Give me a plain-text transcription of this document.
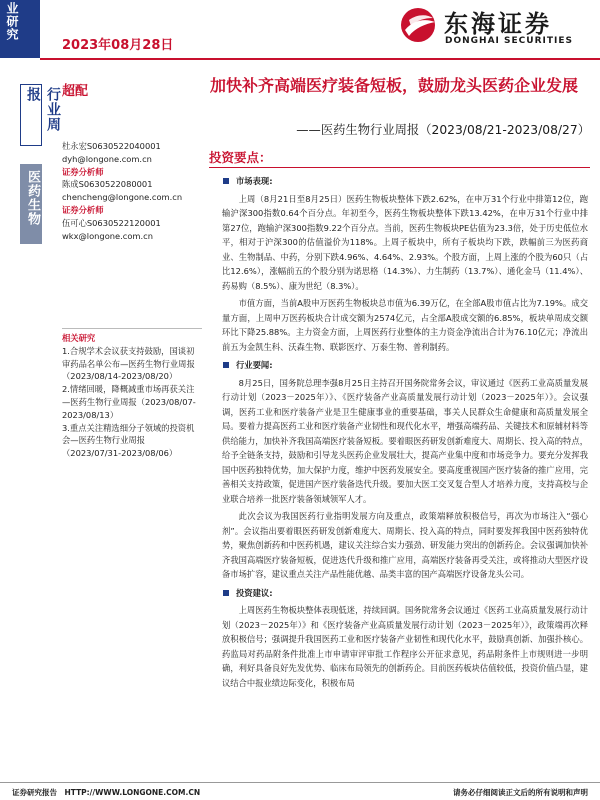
业研究
2023年08月28日
东海证券
DONGHAI SECURITIES
行业周报
医药生物
超配
杜永宏S0630522040001
dyh@longone.com.cn
证券分析师
陈成S0630522080001
chencheng@longone.com.cn
证券分析师
伍可心S0630522120001
wkx@longone.com.cn
相关研究
1.合规学术会议获支持鼓励，国谈初审药品名单公布—医药生物行业周报（2023/08/14-2023/08/20）
2.情绪回暖，降概减重市场再获关注—医药生物行业周报（2023/08/07-2023/08/13）
3.重点关注精选细分子领域的投资机会—医药生物行业周报（2023/07/31-2023/08/06）
加快补齐高端医疗装备短板，鼓励龙头医药企业发展
——医药生物行业周报（2023/08/21-2023/08/27）
投资要点：
市场表现:

上周（8月21日至8月25日）医药生物板块整体下跌2.62%，在申万31个行业中排第12位，跑输沪深300指数0.64个百分点。年初至今，医药生物板块整体下跌13.42%，在申万31个行业中排第27位，跑输沪深300指数9.22个百分点。当前，医药生物板块PE估值为23.3倍，处于历史低位水平，相对于沪深300的估值溢价为118%。上周子板块中，所有子板块均下跌，跌幅前三为医药商业、生物制品、中药，分别下跌4.96%、4.64%、2.93%。个股方面，上周上涨的个股为60只（占比12.6%），涨幅前五的个股分别为诺思格（14.3%）、力生制药（13.7%）、通化金马（11.4%）、药易购（8.5%）、康为世纪（8.3%）。

市值方面，当前A股申万医药生物板块总市值为6.39万亿，在全部A股市值占比为7.19%。成交量方面，上周申万医药板块合计成交额为2574亿元，占全部A股成交额的6.85%，板块单周成交额环比下降25.88%。主力资金方面，上周医药行业整体的主力资金净流出合计为76.10亿元；净流出前五为金凯生科、沃森生物、联影医疗、万泰生物、普利制药。

行业要闻:

8月25日，国务院总理李强8月25日主持召开国务院常务会议，审议通过《医药工业高质量发展行动计划（2023－2025年）》、《医疗装备产业高质量发展行动计划（2023－2025年）》。会议强调，医药工业和医疗装备产业是卫生健康事业的重要基础，事关人民群众生命健康和高质量发展全局。要着力提高医药工业和医疗装备产业韧性和现代化水平，增强高端药品、关键技术和原辅材料等供给能力，加快补齐我国高端医疗装备短板。要着眼医药研发创新难度大、周期长、投入高的特点，给予全链条支持，鼓励和引导龙头医药企业发展壮大，提高产业集中度和市场竞争力。要充分发挥我国中医药独特优势，加大保护力度，维护中医药发展安全。要高度重视国产医疗装备的推广应用，完善相关支持政策，促进国产医疗装备迭代升级。要加大医工交叉复合型人才培养力度，支持高校与企业联合培养一批医疗装备领域领军人才。

此次会议为我国医药行业指明发展方向及重点，政策端释放积极信号，再次为市场注入“强心剂”。会议指出要着眼医药研发创新难度大、周期长、投入高的特点，同时要发挥我国中医药独特优势，聚焦创新药和中医药机遇，建议关注综合实力强劲、研发能力突出的创新药企。会议强调加快补齐我国高端医疗装备短板，促进迭代升级和推广应用，高端医疗装备再受关注，或将推动大型医疗设备市场扩容，建议重点关注产品性能优越、品类丰富的国产高端医疗设备龙头公司。

投资建议:

上周医药生物板块整体表现低迷，持续回调。国务院常务会议通过《医药工业高质量发展行动计划（2023－2025年）》和《医疗装备产业高质量发展行动计划（2023－2025年）》，政策端再次释放积极信号；强调提升我国医药工业和医疗装备产业韧性和现代化水平，鼓励真创新、加强扑核心。药监局对药品附条件批准上市申请审评审批工作程序公开征求意见，药品附条件上市规则进一步明确，利好具备良好先发优势、临床布局领先的创新药企。目前医药板块估值较低，投资价值凸显，建议结合中报业绩边际变化，积极布局

证券研究报告　HTTP://WWW.LONGONE.COM.CN	请务必仔细阅读正文后的所有说明和声明
